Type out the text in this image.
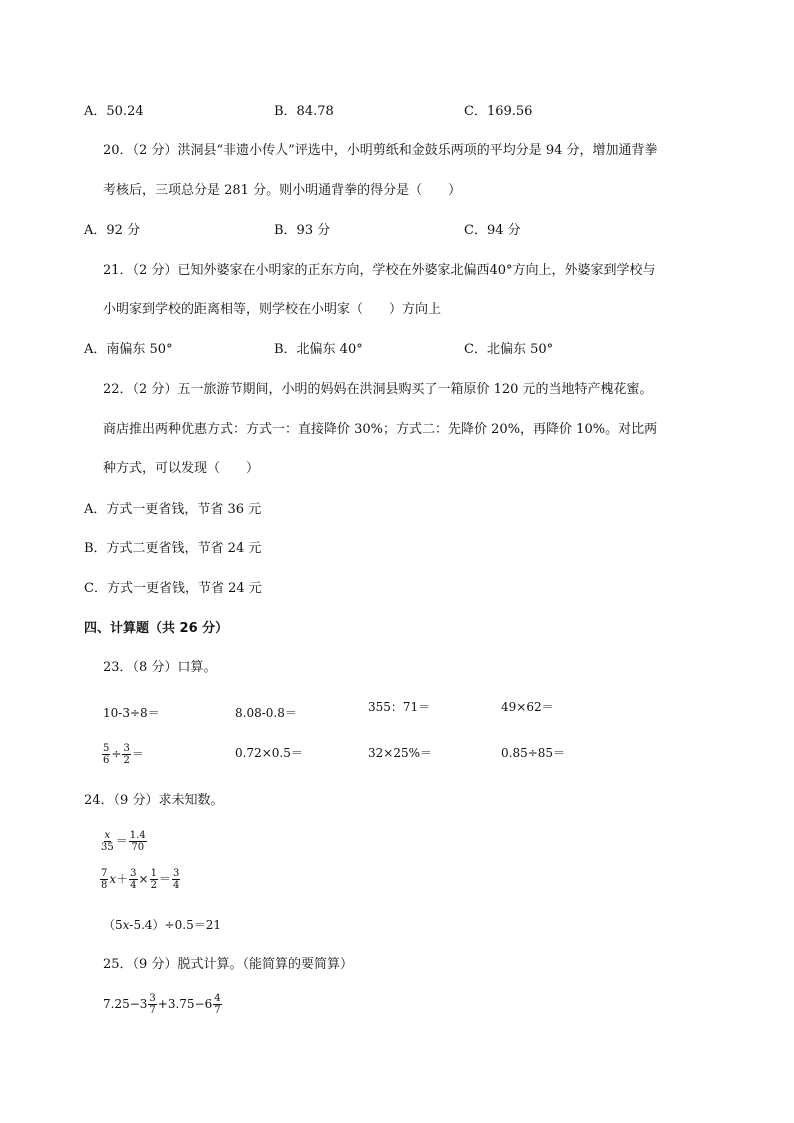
A．50.24	B．84.78	C．169.56
20．（2 分）洪洞县“非遗小传人”评选中，小明剪纸和金鼓乐两项的平均分是 94 分，增加通背拳
考核后，三项总分是 281 分。则小明通背拳的得分是（　　）
A．92 分	B．93 分	C．94 分
21．（2 分）已知外婆家在小明家的正东方向，学校在外婆家北偏西40°方向上，外婆家到学校与
小明家到学校的距离相等，则学校在小明家（　　）方向上
A．南偏东 50°	B．北偏东 40°	C．北偏东 50°
22．（2 分）五一旅游节期间，小明的妈妈在洪洞县购买了一箱原价 120 元的当地特产槐花蜜。
商店推出两种优惠方式：方式一：直接降价 30%；方式二：先降价 20%，再降价 10%。对比两
种方式，可以发现（　　）
A．方式一更省钱，节省 36 元
B．方式二更省钱，节省 24 元
C．方式一更省钱，节省 24 元
四、计算题（共 26 分）
23．（8 分）口算。
10-3÷8＝	8.08-0.8＝	355：71＝	49×62＝
$\frac{5}{6} \div \frac{3}{2}$ ＝	0.72×0.5＝	32×25%＝	0.85÷85＝
24．（9 分）求未知数。
$\frac{x}{35} = \frac{1.4}{70}$
$\frac{7}{8} x+ \frac{3}{4} \times \frac{1}{2} = \frac{3}{4}$
（5x-5.4）÷0.5＝21
25．（9 分）脱式计算。（能简算的要简算）
$7.25-3 \frac{3}{7} +3.75-6 \frac{4}{7}$
